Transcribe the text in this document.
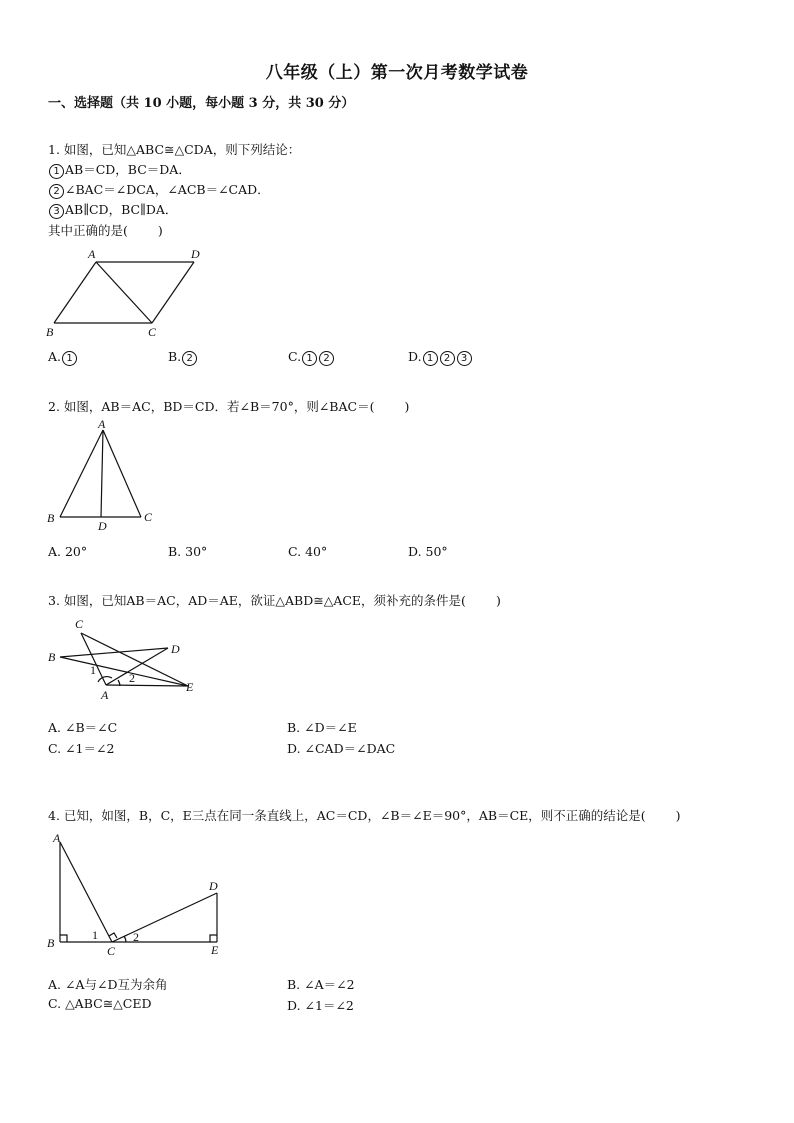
八年级（上）第一次月考数学试卷
一、选择题（共 10 小题，每小题 3 分，共 30 分）
1. 如图，已知△ABC≅△CDA，则下列结论：
1 AB＝CD，BC＝DA．
2 ∠BAC＝∠DCA，∠ACB＝∠CAD．
3 AB∥CD，BC∥DA．
其中正确的是( )
A	D
B	C
A. 1	B. 2	C. 1 2	D. 1 2 3
2. 如图，AB＝AC，BD＝CD．若∠B＝70°，则∠BAC＝( )
A
B
D
C
A. 20°	B. 30°	C. 40°	D. 50°
3. 如图，已知AB＝AC，AD＝AE，欲证△ABD≅△ACE，须补充的条件是( )
C
B
D
1
2
A
E
A. ∠B＝∠C	B. ∠D＝∠E
C. ∠1＝∠2	D. ∠CAD＝∠DAC
4. 已知，如图，B，C，E三点在同一条直线上，AC＝CD，∠B＝∠E＝90°，AB＝CE，则不正确的结论是( )
A
D
B
1
C
2
E
A. ∠A与∠D互为余角	B. ∠A＝∠2
C. △ABC≅△CED	D. ∠1＝∠2
